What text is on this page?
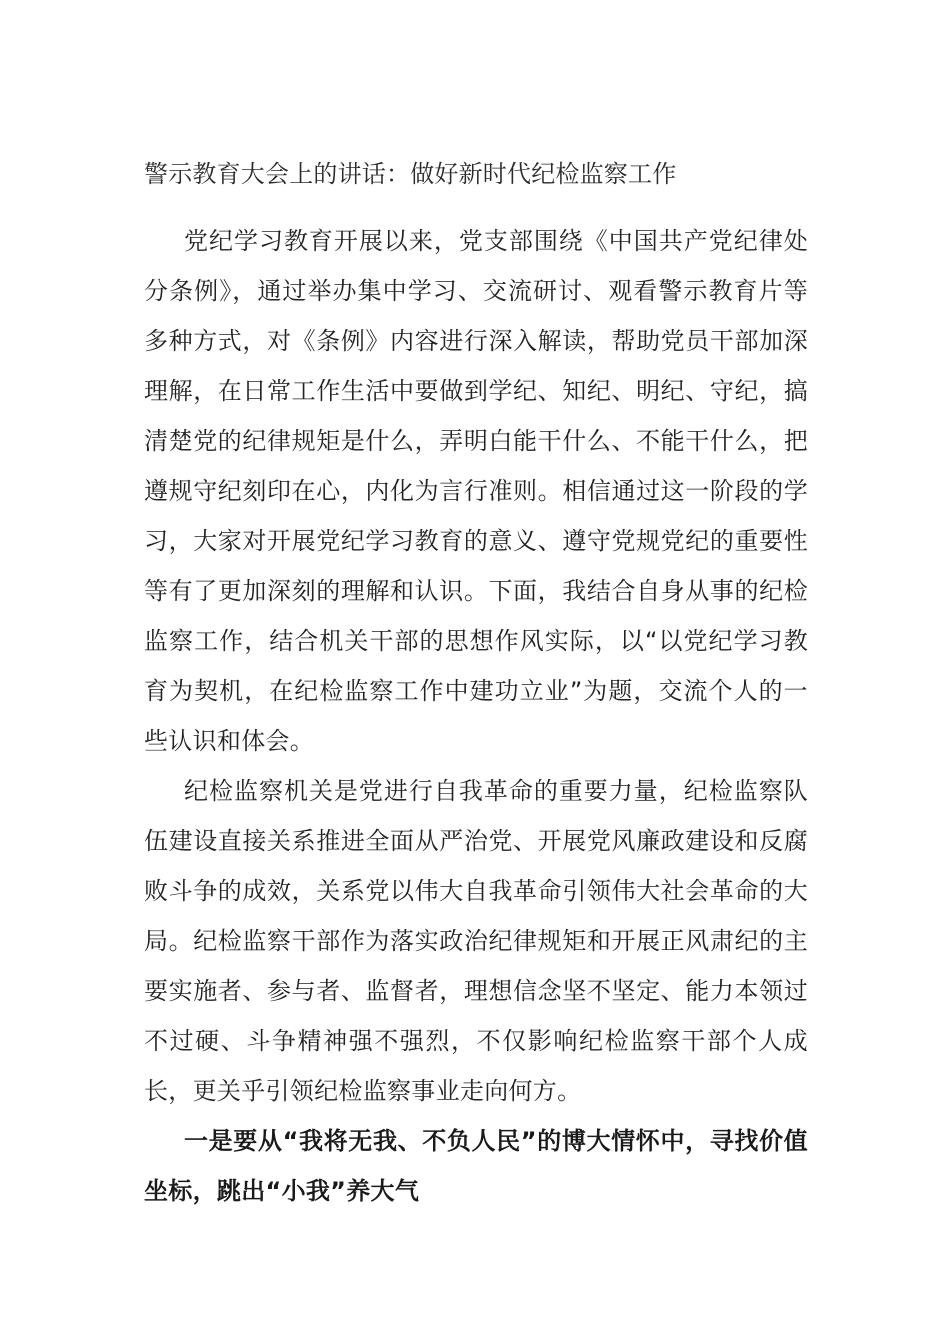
警示教育大会上的讲话：做好新时代纪检监察工作

党纪学习教育开展以来，党支部围绕《中国共产党纪律处分条例》，通过举办集中学习、交流研讨、观看警示教育片等多种方式，对《条例》内容进行深入解读，帮助党员干部加深理解，在日常工作生活中要做到学纪、知纪、明纪、守纪，搞清楚党的纪律规矩是什么，弄明白能干什么、不能干什么，把遵规守纪刻印在心，内化为言行准则。相信通过这一阶段的学习，大家对开展党纪学习教育的意义、遵守党规党纪的重要性等有了更加深刻的理解和认识。下面，我结合自身从事的纪检监察工作，结合机关干部的思想作风实际，以“以党纪学习教育为契机，在纪检监察工作中建功立业”为题，交流个人的一些认识和体会。

纪检监察机关是党进行自我革命的重要力量，纪检监察队伍建设直接关系推进全面从严治党、开展党风廉政建设和反腐败斗争的成效，关系党以伟大自我革命引领伟大社会革命的大局。纪检监察干部作为落实政治纪律规矩和开展正风肃纪的主要实施者、参与者、监督者，理想信念坚不坚定、能力本领过不过硬、斗争精神强不强烈，不仅影响纪检监察干部个人成长，更关乎引领纪检监察事业走向何方。

一是要从“我将无我、不负人民”的博大情怀中，寻找价值坐标，跳出“小我”养大气
